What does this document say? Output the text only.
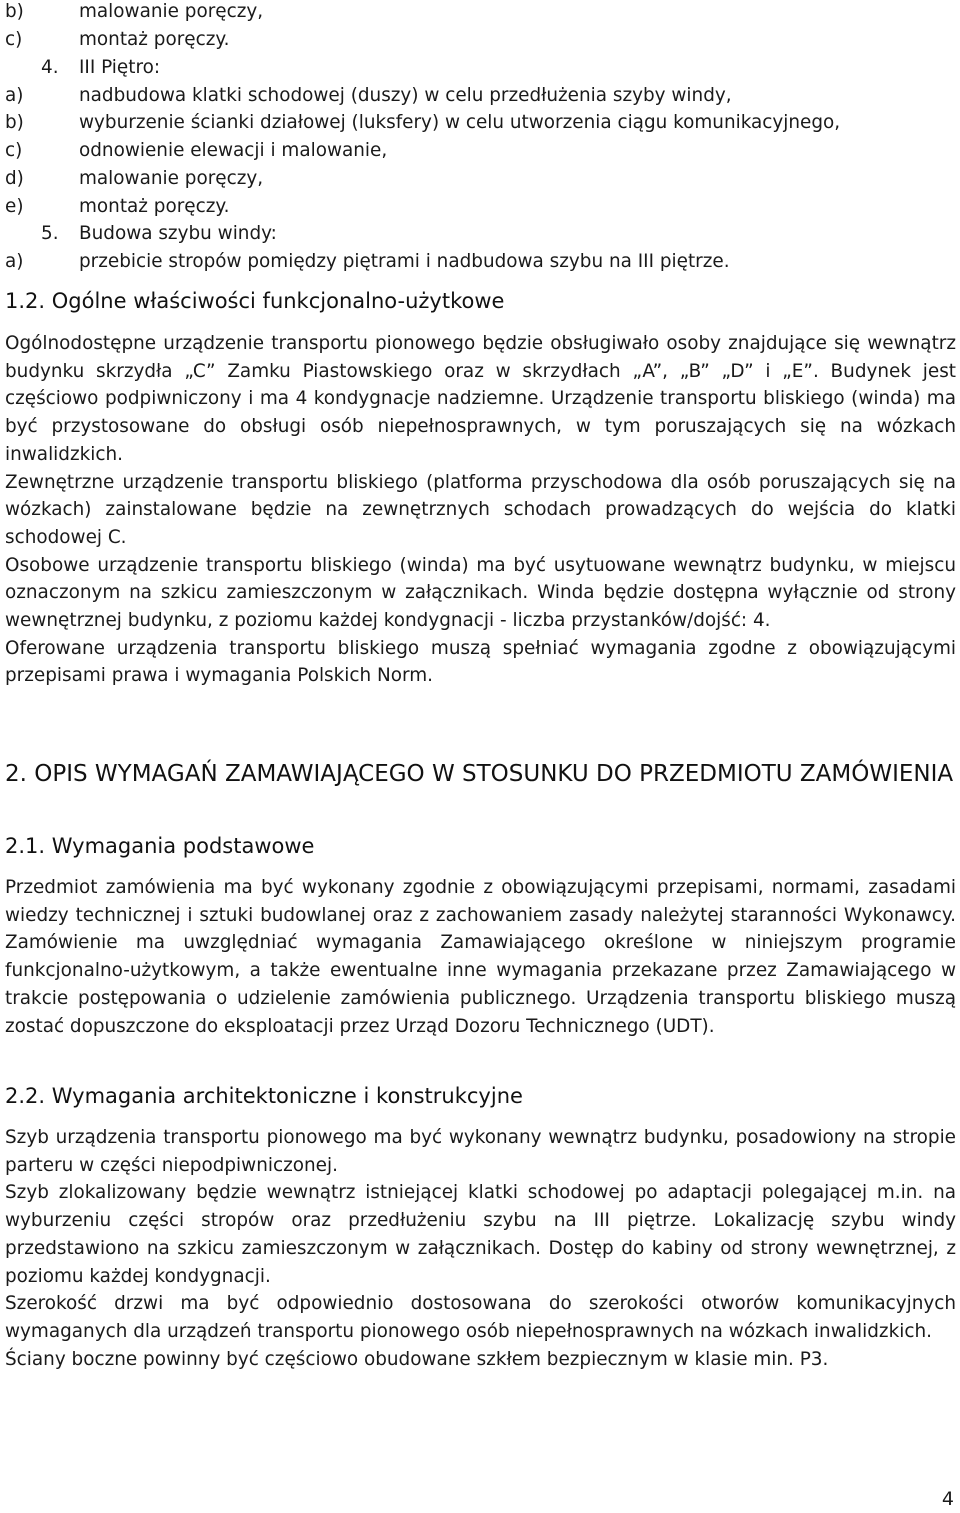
b)	malowanie poręczy,
c)	montaż poręczy.
4. III Piętro:
a)	nadbudowa klatki schodowej (duszy) w celu przedłużenia szyby windy,
b)	wyburzenie ścianki działowej (luksfery) w celu utworzenia ciągu komunikacyjnego,
c)	odnowienie elewacji i malowanie,
d)	malowanie poręczy,
e)	montaż poręczy.
5. Budowa szybu windy:
a)	przebicie stropów pomiędzy piętrami i nadbudowa szybu na III piętrze.
1.2. Ogólne właściwości funkcjonalno-użytkowe

Ogólnodostępne urządzenie transportu pionowego będzie obsługiwało osoby znajdujące się wewnątrz budynku skrzydła „C” Zamku Piastowskiego oraz w skrzydłach „A”, „B” „D” i „E”. Budynek jest częściowo podpiwniczony i ma 4 kondygnacje nadziemne. Urządzenie transportu bliskiego (winda) ma być przystosowane do obsługi osób niepełnosprawnych, w tym poruszających się na wózkach inwalidzkich.

Zewnętrzne urządzenie transportu bliskiego (platforma przyschodowa dla osób poruszających się na wózkach) zainstalowane będzie na zewnętrznych schodach prowadzących do wejścia do klatki schodowej C.

Osobowe urządzenie transportu bliskiego (winda) ma być usytuowane wewnątrz budynku, w miejscu oznaczonym na szkicu zamieszczonym w załącznikach. Winda będzie dostępna wyłącznie od strony wewnętrznej budynku, z poziomu każdej kondygnacji - liczba przystanków/dojść: 4.

Oferowane urządzenia transportu bliskiego muszą spełniać wymagania zgodne z obowiązującymi przepisami prawa i wymagania Polskich Norm.

2. OPIS WYMAGAŃ ZAMAWIAJĄCEGO W STOSUNKU DO PRZEDMIOTU ZAMÓWIENIA
2.1. Wymagania podstawowe

Przedmiot zamówienia ma być wykonany zgodnie z obowiązującymi przepisami, normami, zasadami wiedzy technicznej i sztuki budowlanej oraz z zachowaniem zasady należytej staranności Wykonawcy. Zamówienie ma uwzględniać wymagania Zamawiającego określone w niniejszym programie funkcjonalno-użytkowym, a także ewentualne inne wymagania przekazane przez Zamawiającego w trakcie postępowania o udzielenie zamówienia publicznego. Urządzenia transportu bliskiego muszą zostać dopuszczone do eksploatacji przez Urząd Dozoru Technicznego (UDT).

2.2. Wymagania architektoniczne i konstrukcyjne

Szyb urządzenia transportu pionowego ma być wykonany wewnątrz budynku, posadowiony na stropie parteru w części niepodpiwniczonej.

Szyb zlokalizowany będzie wewnątrz istniejącej klatki schodowej po adaptacji polegającej m.in. na wyburzeniu części stropów oraz przedłużeniu szybu na III piętrze. Lokalizację szybu windy przedstawiono na szkicu zamieszczonym w załącznikach. Dostęp do kabiny od strony wewnętrznej, z poziomu każdej kondygnacji.

Szerokość drzwi ma być odpowiednio dostosowana do szerokości otworów komunikacyjnych wymaganych dla urządzeń transportu pionowego osób niepełnosprawnych na wózkach inwalidzkich.

Ściany boczne powinny być częściowo obudowane szkłem bezpiecznym w klasie min. P3.

4
